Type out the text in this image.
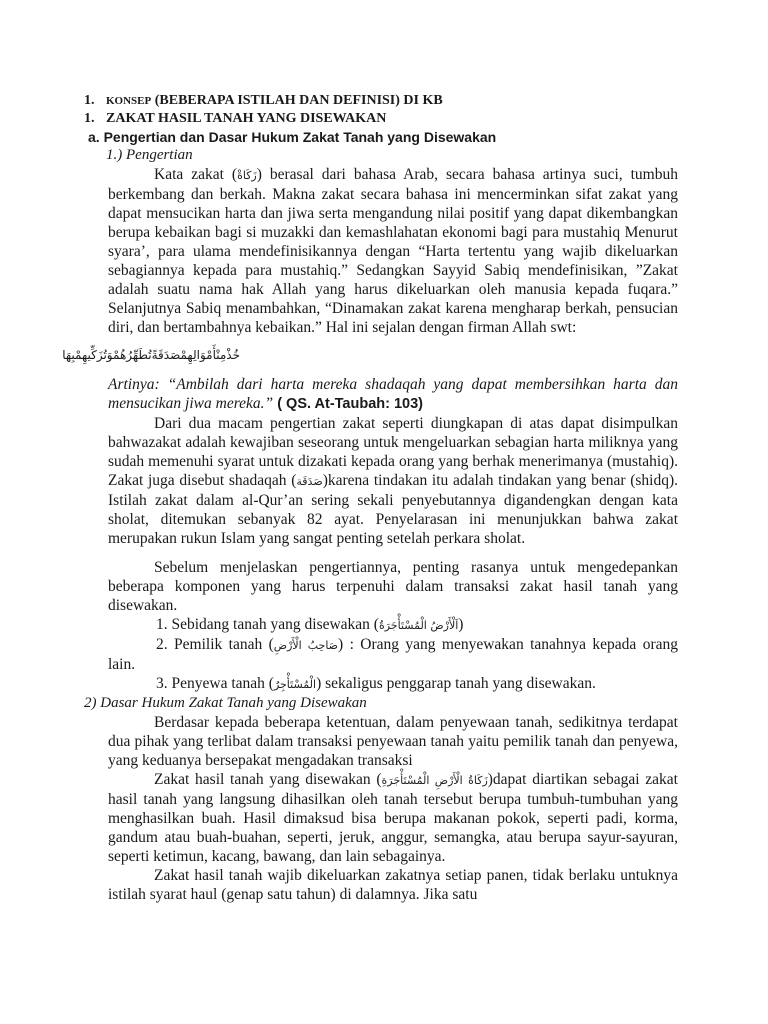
1. KONSEP (BEBERAPA ISTILAH DAN DEFINISI) DI KB

1. ZAKAT HASIL TANAH YANG DISEWAKAN

a. Pengertian dan Dasar Hukum Zakat Tanah yang Disewakan

1.) Pengertian

Kata zakat (زَكَاةْ) berasal dari bahasa Arab, secara bahasa artinya suci, tumbuh berkembang dan berkah. Makna zakat secara bahasa ini mencerminkan sifat zakat yang dapat mensucikan harta dan jiwa serta mengandung nilai positif yang dapat dikembangkan berupa kebaikan bagi si muzakki dan kemashlahatan ekonomi bagi para mustahiq Menurut syara’, para ulama mendefinisikannya dengan “Harta tertentu yang wajib dikeluarkan sebagiannya kepada para mustahiq.” Sedangkan Sayyid Sabiq mendefinisikan, ”Zakat adalah suatu nama hak Allah yang harus dikeluarkan oleh manusia kepada fuqara.” Selanjutnya Sabiq menambahkan, “Dinamakan zakat karena mengharap berkah, pensucian diri, dan bertambahnya kebaikan.” Hal ini sejalan dengan firman Allah swt:

خُذْمِنْأَمْوَالِهِمْصَدَقَةًتُطَهِّرُهُمْوَتُزَكِّيهِمْبِهَا

Artinya: “Ambilah dari harta mereka shadaqah yang dapat membersihkan harta dan mensucikan jiwa mereka.” ( QS. At-Taubah: 103)

Dari dua macam pengertian zakat seperti diungkapan di atas dapat disimpulkan bahwazakat adalah kewajiban seseorang untuk mengeluarkan sebagian harta miliknya yang sudah memenuhi syarat untuk dizakati kepada orang yang berhak menerimanya (mustahiq). Zakat juga disebut shadaqah (صَدَقَة)karena tindakan itu adalah tindakan yang benar (shidq). Istilah zakat dalam al-Qur’an sering sekali penyebutannya digandengkan dengan kata sholat, ditemukan sebanyak 82 ayat. Penyelarasan ini menunjukkan bahwa zakat merupakan rukun Islam yang sangat penting setelah perkara sholat.

Sebelum menjelaskan pengertiannya, penting rasanya untuk mengedepankan beberapa komponen yang harus terpenuhi dalam transaksi zakat hasil tanah yang disewakan.

1. Sebidang tanah yang disewakan (اَلْأَرْضُ الْمُسْتَأْجَرَةُ)

2. Pemilik tanah (صَاحِبُ الْأَرْضِ) : Orang yang menyewakan tanahnya kepada orang lain.

3. Penyewa tanah (الْمُسْتَأْجِرُ) sekaligus penggarap tanah yang disewakan.

2) Dasar Hukum Zakat Tanah yang Disewakan

Berdasar kepada beberapa ketentuan, dalam penyewaan tanah, sedikitnya terdapat dua pihak yang terlibat dalam transaksi penyewaan tanah yaitu pemilik tanah dan penyewa, yang keduanya bersepakat mengadakan transaksi

Zakat hasil tanah yang disewakan (زَكَاةُ الْأَرْضِ الْمُسْتَأْجَرَةِ)dapat diartikan sebagai zakat hasil tanah yang langsung dihasilkan oleh tanah tersebut berupa tumbuh-tumbuhan yang menghasilkan buah. Hasil dimaksud bisa berupa makanan pokok, seperti padi, korma, gandum atau buah-buahan, seperti, jeruk, anggur, semangka, atau berupa sayur-sayuran, seperti ketimun, kacang, bawang, dan lain sebagainya.

Zakat hasil tanah wajib dikeluarkan zakatnya setiap panen, tidak berlaku untuknya istilah syarat haul (genap satu tahun) di dalamnya. Jika satu
